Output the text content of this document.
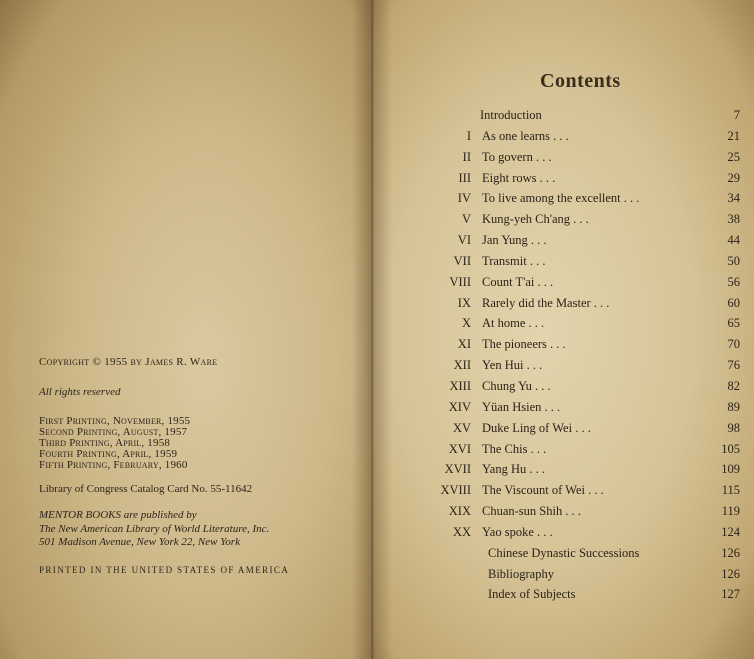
Copyright © 1955 by James R. Ware
All rights reserved
First Printing, November, 1955
Second Printing, August, 1957
Third Printing, April, 1958
Fourth Printing, April, 1959
Fifth Printing, February, 1960
Library of Congress Catalog Card No. 55-11642
MENTOR BOOKS are published by
The New American Library of World Literature, Inc.
501 Madison Avenue, New York 22, New York
PRINTED IN THE UNITED STATES OF AMERICA
Contents
Introduction	7
I As one learns . . .	21
II To govern . . .	25
III Eight rows . . .	29
IV To live among the excellent . . .	34
V Kung-yeh Ch'ang . . .	38
VI Jan Yung . . .	44
VII Transmit . . .	50
VIII Count T'ai . . .	56
IX Rarely did the Master . . .	60
X At home . . .	65
XI The pioneers . . .	70
XII Yen Hui . . .	76
XIII Chung Yu . . .	82
XIV Yüan Hsien . . .	89
XV Duke Ling of Wei . . .	98
XVI The Chis . . .	105
XVII Yang Hu . . .	109
XVIII The Viscount of Wei . . .	115
XIX Chuan-sun Shih . . .	119
XX Yao spoke . . .	124
Chinese Dynastic Successions	126
Bibliography	126
Index of Subjects	127
